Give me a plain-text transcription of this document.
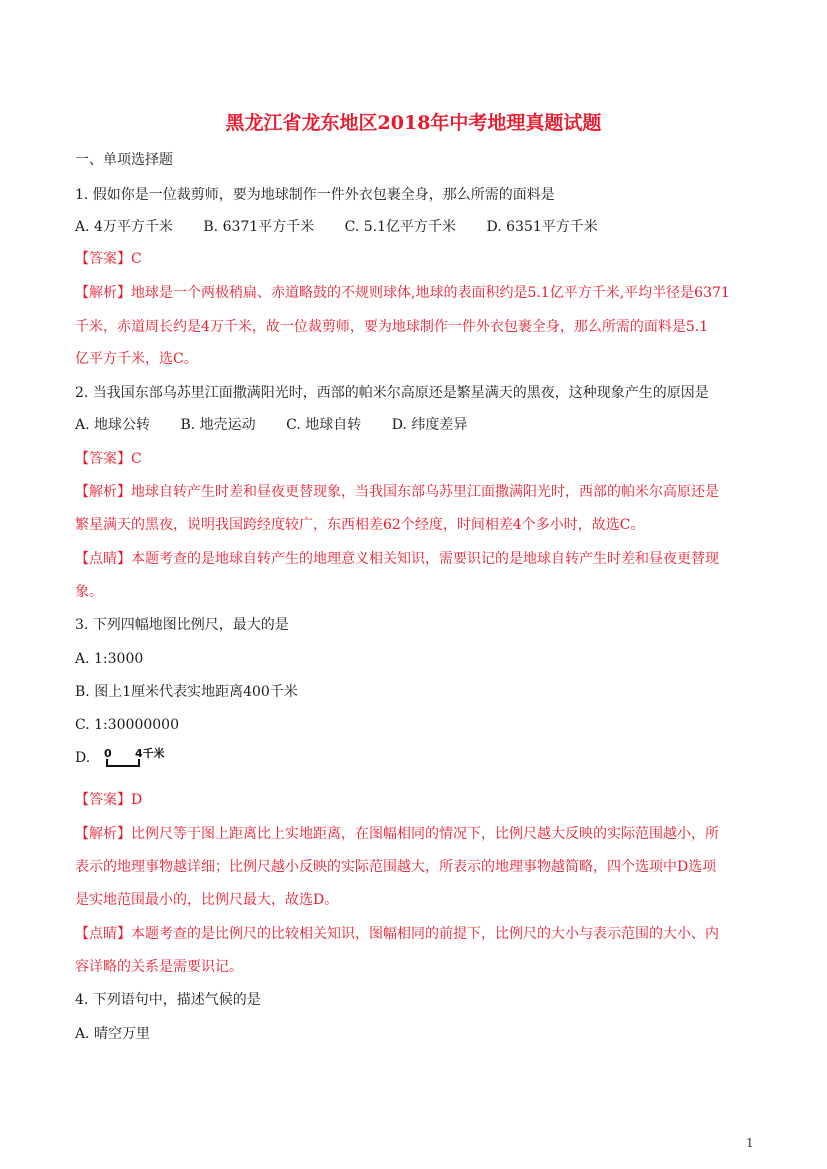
黑龙江省龙东地区2018年中考地理真题试题
一、单项选择题
1. 假如你是一位裁剪师，要为地球制作一件外衣包裹全身，那么所需的面料是
A. 4万平方千米 B. 6371平方千米 C. 5.1亿平方千米 D. 6351平方千米
【答案】C
【解析】地球是一个两极稍扁、赤道略鼓的不规则球体,地球的表面积约是5.1亿平方千米,平均半径是6371
千米，赤道周长约是4万千米，故一位裁剪师，要为地球制作一件外衣包裹全身，那么所需的面料是5.1
亿平方千米，选C。
2. 当我国东部乌苏里江面撒满阳光时，西部的帕米尔高原还是繁星满天的黑夜，这种现象产生的原因是
A. 地球公转 B. 地壳运动 C. 地球自转 D. 纬度差异
【答案】C
【解析】地球自转产生时差和昼夜更替现象，当我国东部乌苏里江面撒满阳光时，西部的帕米尔高原还是
繁星满天的黑夜，说明我国跨经度较广，东西相差62个经度，时间相差4个多小时，故选C。
【点睛】本题考查的是地球自转产生的地理意义相关知识，需要识记的是地球自转产生时差和昼夜更替现
象。
3. 下列四幅地图比例尺，最大的是
A. 1:3000
B. 图上1厘米代表实地距离400千米
C. 1:30000000
D. 0 4千米
【答案】D
【解析】比例尺等于图上距离比上实地距离，在图幅相同的情况下，比例尺越大反映的实际范围越小，所
表示的地理事物越详细；比例尺越小反映的实际范围越大，所表示的地理事物越简略，四个选项中D选项
是实地范围最小的，比例尺最大，故选D。
【点睛】本题考查的是比例尺的比较相关知识，图幅相同的前提下，比例尺的大小与表示范围的大小、内
容详略的关系是需要识记。
4. 下列语句中，描述气候的是
A. 晴空万里
1
